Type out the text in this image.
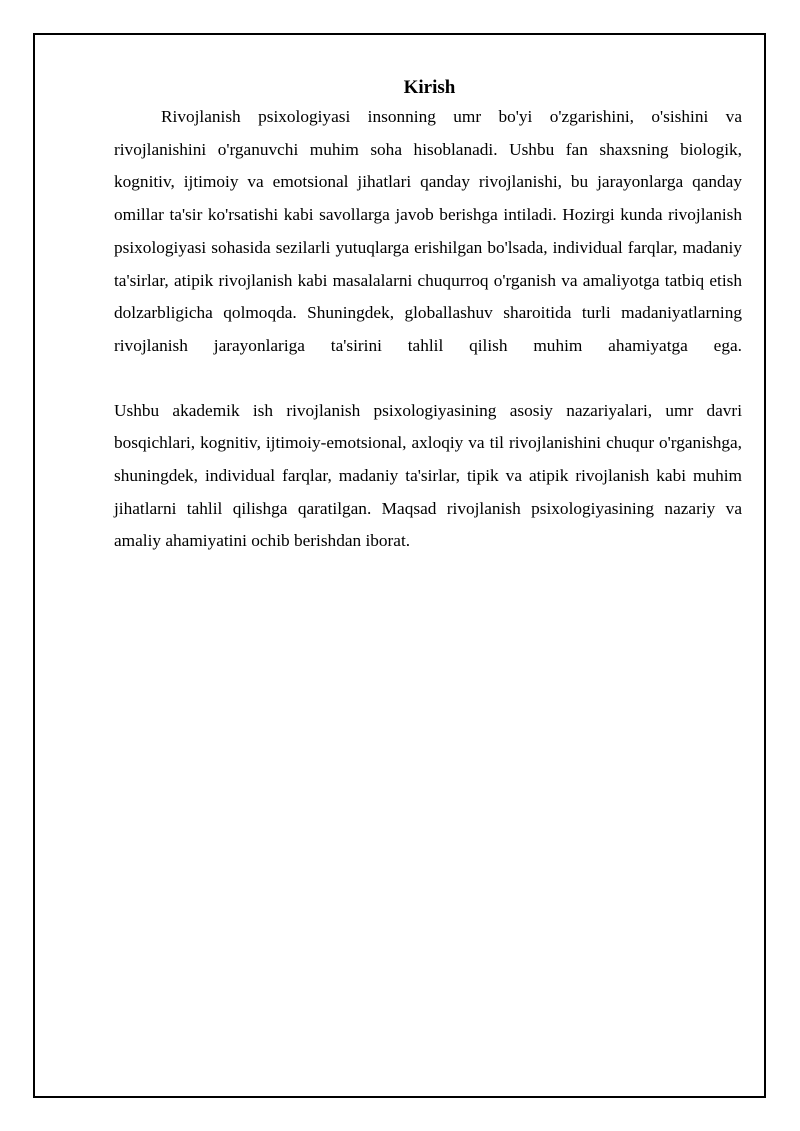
Kirish

Rivojlanish psixologiyasi insonning umr bo'yi o'zgarishini, o'sishini va rivojlanishini o'rganuvchi muhim soha hisoblanadi. Ushbu fan shaxsning biologik, kognitiv, ijtimoiy va emotsional jihatlari qanday rivojlanishi, bu jarayonlarga qanday omillar ta'sir ko'rsatishi kabi savollarga javob berishga intiladi. Hozirgi kunda rivojlanish psixologiyasi sohasida sezilarli yutuqlarga erishilgan bo'lsada, individual farqlar, madaniy ta'sirlar, atipik rivojlanish kabi masalalarni chuqurroq o'rganish va amaliyotga tatbiq etish dolzarbligicha qolmoqda. Shuningdek, globallashuv sharoitida turli madaniyatlarning rivojlanish jarayonlariga ta'sirini tahlil qilish muhim ahamiyatga ega.

Ushbu akademik ish rivojlanish psixologiyasining asosiy nazariyalari, umr davri bosqichlari, kognitiv, ijtimoiy-emotsional, axloqiy va til rivojlanishini chuqur o'rganishga, shuningdek, individual farqlar, madaniy ta'sirlar, tipik va atipik rivojlanish kabi muhim jihatlarni tahlil qilishga qaratilgan. Maqsad rivojlanish psixologiyasining nazariy va amaliy ahamiyatini ochib berishdan iborat.
